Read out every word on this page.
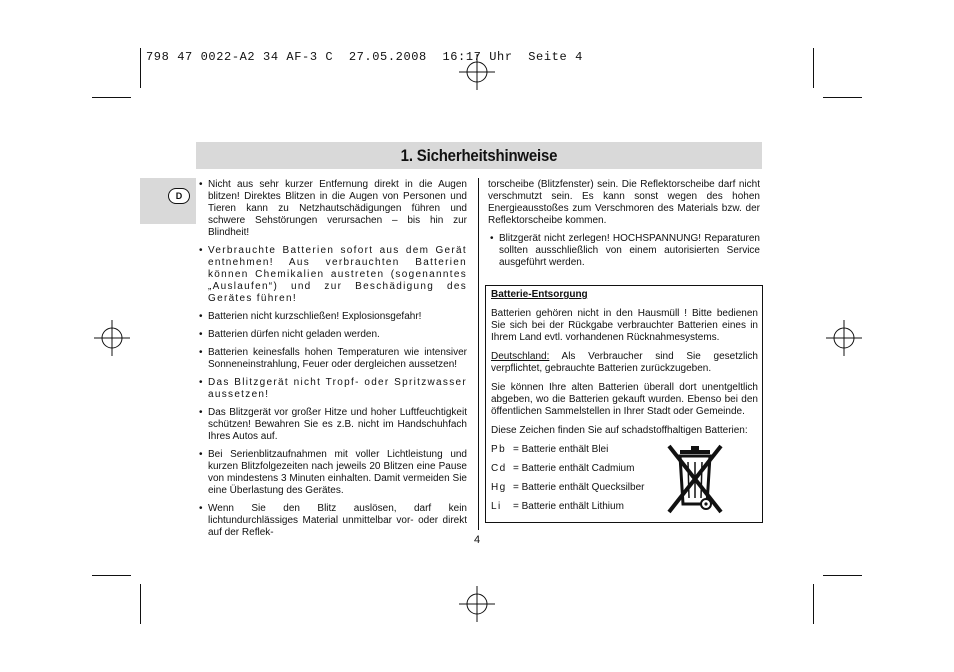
798 47 0022-A2 34 AF-3 C  27.05.2008  16:17 Uhr  Seite 4
1. Sicherheitshinweise
D
• Nicht aus sehr kurzer Entfernung direkt in die Augen blitzen! Direktes Blitzen in die Augen von Personen und Tieren kann zu Netzhautschädigungen führen und schwere Sehstörungen verursachen – bis hin zur Blindheit!
• Verbrauchte Batterien sofort aus dem Gerät entnehmen! Aus verbrauchten Batterien können Chemikalien austreten (sogenanntes „Auslaufen“) und zur Beschädigung des Gerätes führen!
• Batterien nicht kurzschließen! Explosionsgefahr!
• Batterien dürfen nicht geladen werden.
• Batterien keinesfalls hohen Temperaturen wie intensiver Sonneneinstrahlung, Feuer oder dergleichen aussetzen!
• Das Blitzgerät nicht Tropf- oder Spritzwasser aussetzen!
• Das Blitzgerät vor großer Hitze und hoher Luftfeuchtigkeit schützen! Bewahren Sie es z.B. nicht im Handschuhfach Ihres Autos auf.
• Bei Serienblitzaufnahmen mit voller Lichtleistung und kurzen Blitzfolgezeiten nach jeweils 20 Blitzen eine Pause von mindestens 3 Minuten einhalten. Damit vermeiden Sie eine Überlastung des Gerätes.
• Wenn Sie den Blitz auslösen, darf kein lichtundurchlässiges Material unmittelbar vor- oder direkt auf der Reflek-
torscheibe (Blitzfenster) sein. Die Reflektorscheibe darf nicht verschmutzt sein. Es kann sonst wegen des hohen Energieausstoßes zum Verschmoren des Materials bzw. der Reflektorscheibe kommen.
• Blitzgerät nicht zerlegen! HOCHSPANNUNG! Reparaturen sollten ausschließlich von einem autorisierten Service ausgeführt werden.
Batterie-Entsorgung
Batterien gehören nicht in den Hausmüll ! Bitte bedienen Sie sich bei der Rückgabe verbrauchter Batterien eines in Ihrem Land evtl. vorhandenen Rücknahmesystems.
Deutschland: Als Verbraucher sind Sie gesetzlich verpflichtet, gebrauchte Batterien zurückzugeben.
Sie können Ihre alten Batterien überall dort unentgeltlich abgeben, wo die Batterien gekauft wurden. Ebenso bei den öffentlichen Sammelstellen in Ihrer Stadt oder Gemeinde.
Diese Zeichen finden Sie auf schadstoffhaltigen Batterien:
Pb = Batterie enthält Blei
Cd = Batterie enthält Cadmium
Hg = Batterie enthält Quecksilber
Li	= Batterie enthält Lithium
4
